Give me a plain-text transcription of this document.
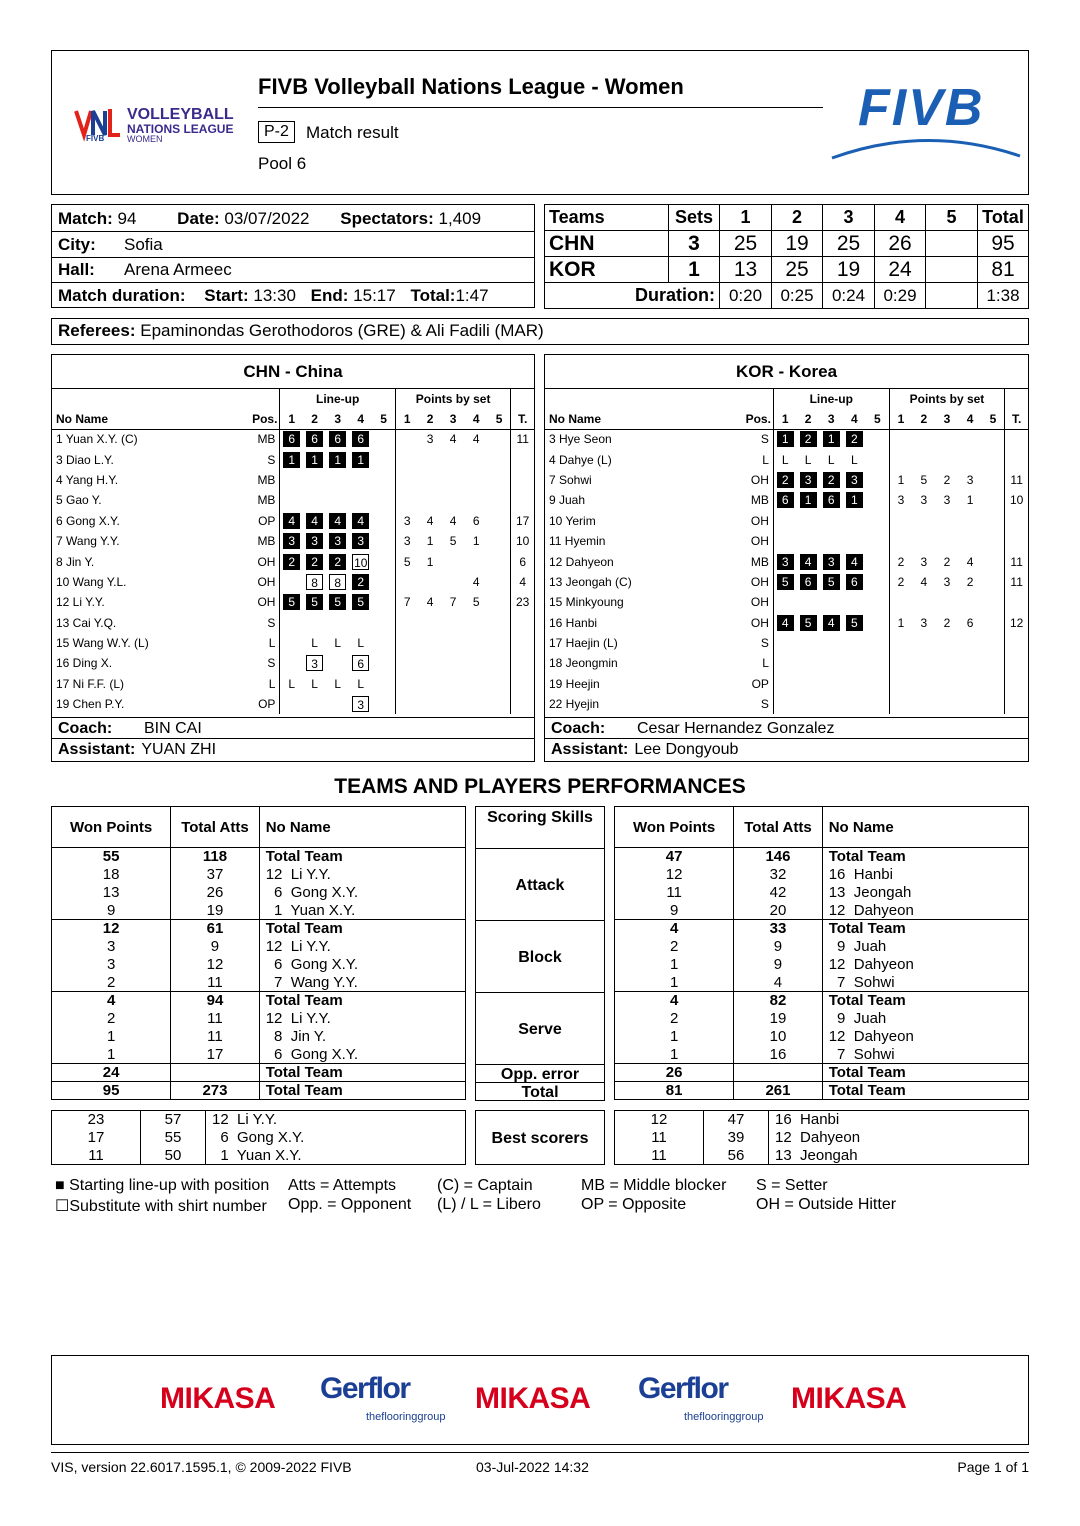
FIVB
VOLLEYBALL
NATIONS LEAGUE
WOMEN
FIVB Volleyball Nations League - Women
P-2	Match result
Pool 6
FIVB
Match: 94 Date: 03/07/2022 Spectators: 1,409
City: Sofia
Hall: Arena Armeec
Match duration: Start: 13:30 End: 15:17 Total:1:47
Teams	Sets	1	2	3	4	5	Total
CHN	3	25	19	25	26		95
KOR	1	13	25	19	24		81
Duration:		0:20	0:25	0:24	0:29		1:38
Referees: Epaminondas Gerothodoros (GRE) & Ali Fadili (MAR)
CHN - China
		Line-up					Points by set					
No Name	Pos.	1	2	3	4	5	1	2	3	4	5	T.
1 Yuan X.Y. (C)	MB	6	6	6	6			3	4	4		11
3 Diao L.Y.	S	1	1	1	1							
4 Yang H.Y.	MB											
5 Gao Y.	MB											
6 Gong X.Y.	OP	4	4	4	4		3	4	4	6		17
7 Wang Y.Y.	MB	3	3	3	3		3	1	5	1		10
8 Jin Y.	OH	2	2	2	10		5	1				6
10 Wang Y.L.	OH		8	8	2					4		4
12 Li Y.Y.	OH	5	5	5	5		7	4	7	5		23
13 Cai Y.Q.	S											
15 Wang W.Y. (L)	L		L	L	L							
16 Ding X.	S		3		6							
17 Ni F.F. (L)	L	L	L	L	L							
19 Chen P.Y.	OP				3							
Coach: BIN CAI
Assistant: YUAN ZHI
KOR - Korea
		Line-up					Points by set					
No Name	Pos.	1	2	3	4	5	1	2	3	4	5	T.
3 Hye Seon	S	1	2	1	2							
4 Dahye (L)	L	L	L	L	L							
7 Sohwi	OH	2	3	2	3		1	5	2	3		11
9 Juah	MB	6	1	6	1		3	3	3	1		10
10 Yerim	OH											
11 Hyemin	OH											
12 Dahyeon	MB	3	4	3	4		2	3	2	4		11
13 Jeongah (C)	OH	5	6	5	6		2	4	3	2		11
15 Minkyoung	OH											
16 Hanbi	OH	4	5	4	5		1	3	2	6		12
17 Haejin (L)	S											
18 Jeongmin	L											
19 Heejin	OP											
22 Hyejin	S											
Coach: Cesar Hernandez Gonzalez
Assistant: Lee Dongyoub
TEAMS AND PLAYERS PERFORMANCES
Won Points	Total Atts	No Name
55	118	Total Team
18	37	12  Li Y.Y.
13	26	6  Gong X.Y.
9	19	1  Yuan X.Y.
12	61	Total Team
3	9	12  Li Y.Y.
3	12	6  Gong X.Y.
2	11	7  Wang Y.Y.
4	94	Total Team
2	11	12  Li Y.Y.
1	11	8  Jin Y.
1	17	6  Gong X.Y.
24		Total Team
95	273	Total Team
Won Points	Total Atts	No Name
47	146	Total Team
12	32	16  Hanbi
11	42	13  Jeongah
9	20	12  Dahyeon
4	33	Total Team
2	9	9  Juah
1	9	12  Dahyeon
1	4	7  Sohwi
4	82	Total Team
2	19	9  Juah
1	10	12  Dahyeon
1	16	7  Sohwi
26		Total Team
81	261	Total Team
Scoring Skills
Attack
Block
Serve
Opp. error
Total
23	57	12  Li Y.Y.
17	55	6  Gong X.Y.
11	50	1  Yuan X.Y.
12	47	16  Hanbi
11	39	12  Dahyeon
11	56	13  Jeongah
Best scorers
■ Starting line-up with position Atts = Attempts	(C) = Captain	MB = Middle blocker S = Setter
☐Substitute with shirt number Opp. = Opponent (L) / L = Libero	OP = Opposite	OH = Outside Hitter
MIKASA Gerflor
theflooringgroup
MIKASA Gerflor
theflooringgroup
MIKASA
VIS, version 22.6017.1595.1, © 2009-2022 FIVB	03-Jul-2022 14:32	Page 1 of 1
